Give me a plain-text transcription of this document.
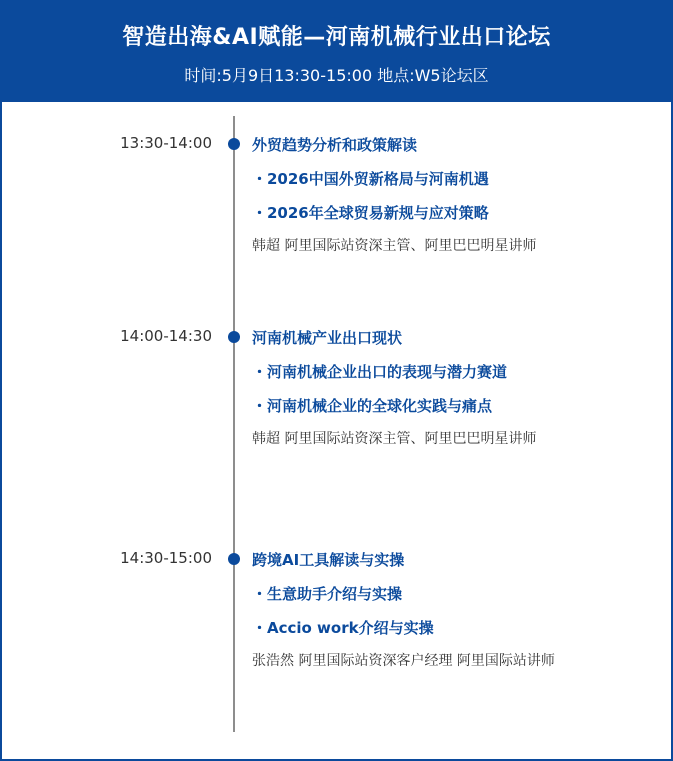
智造出海&AI赋能—河南机械行业出口论坛
时间:5月9日13:30-15:00 地点:W5论坛区
13:30-14:00	外贸趋势分析和政策解读
・2026中国外贸新格局与河南机遇
・2026年全球贸易新规与应对策略
韩超 阿里国际站资深主管、阿里巴巴明星讲师
14:00-14:30	河南机械产业出口现状
・河南机械企业出口的表现与潜力赛道
・河南机械企业的全球化实践与痛点
韩超 阿里国际站资深主管、阿里巴巴明星讲师
14:30-15:00	跨境AI工具解读与实操
・生意助手介绍与实操
・Accio work介绍与实操
张浩然 阿里国际站资深客户经理 阿里国际站讲师
